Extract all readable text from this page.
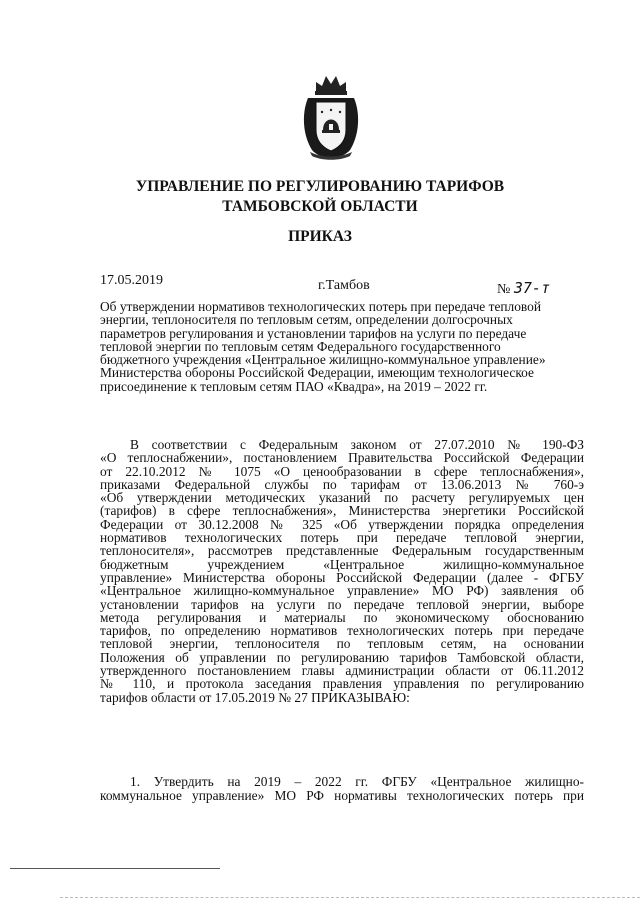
УПРАВЛЕНИЕ ПО РЕГУЛИРОВАНИЮ ТАРИФОВ
ТАМБОВСКОЙ ОБЛАСТИ
ПРИКАЗ
17.05.2019	г.Тамбов	№ 37-т
Об утверждении нормативов технологических потерь при передаче тепловой
энергии, теплоносителя по тепловым сетям, определении долгосрочных
параметров регулирования и установлении тарифов на услуги по передаче
тепловой энергии по тепловым сетям Федерального государственного
бюджетного учреждения «Центральное жилищно-коммунальное управление»
Министерства обороны Российской Федерации, имеющим технологическое
присоединение к тепловым сетям ПАО «Квадра», на 2019 – 2022 гг.
В соответствии с Федеральным законом от 27.07.2010 № 190-ФЗ
«О теплоснабжении», постановлением Правительства Российской Федерации
от 22.10.2012 № 1075 «О ценообразовании в сфере теплоснабжения»,
приказами Федеральной службы по тарифам от 13.06.2013 № 760-э
«Об утверждении методических указаний по расчету регулируемых цен
(тарифов) в сфере теплоснабжения», Министерства энергетики Российской
Федерации от 30.12.2008 № 325 «Об утверждении порядка определения
нормативов технологических потерь при передаче тепловой энергии,
теплоносителя», рассмотрев представленные Федеральным государственным
бюджетным учреждением «Центральное жилищно-коммунальное
управление» Министерства обороны Российской Федерации (далее - ФГБУ
«Центральное жилищно-коммунальное управление» МО РФ) заявления об
установлении тарифов на услуги по передаче тепловой энергии, выборе
метода регулирования и материалы по экономическому обоснованию
тарифов, по определению нормативов технологических потерь при передаче
тепловой энергии, теплоносителя по тепловым сетям, на основании
Положения об управлении по регулированию тарифов Тамбовской области,
утвержденного постановлением главы администрации области от 06.11.2012
№ 110, и протокола заседания правления управления по регулированию
тарифов области от 17.05.2019 № 27 ПРИКАЗЫВАЮ:
1. Утвердить на 2019 – 2022 гг. ФГБУ «Центральное жилищно-
коммунальное управление» МО РФ нормативы технологических потерь при
